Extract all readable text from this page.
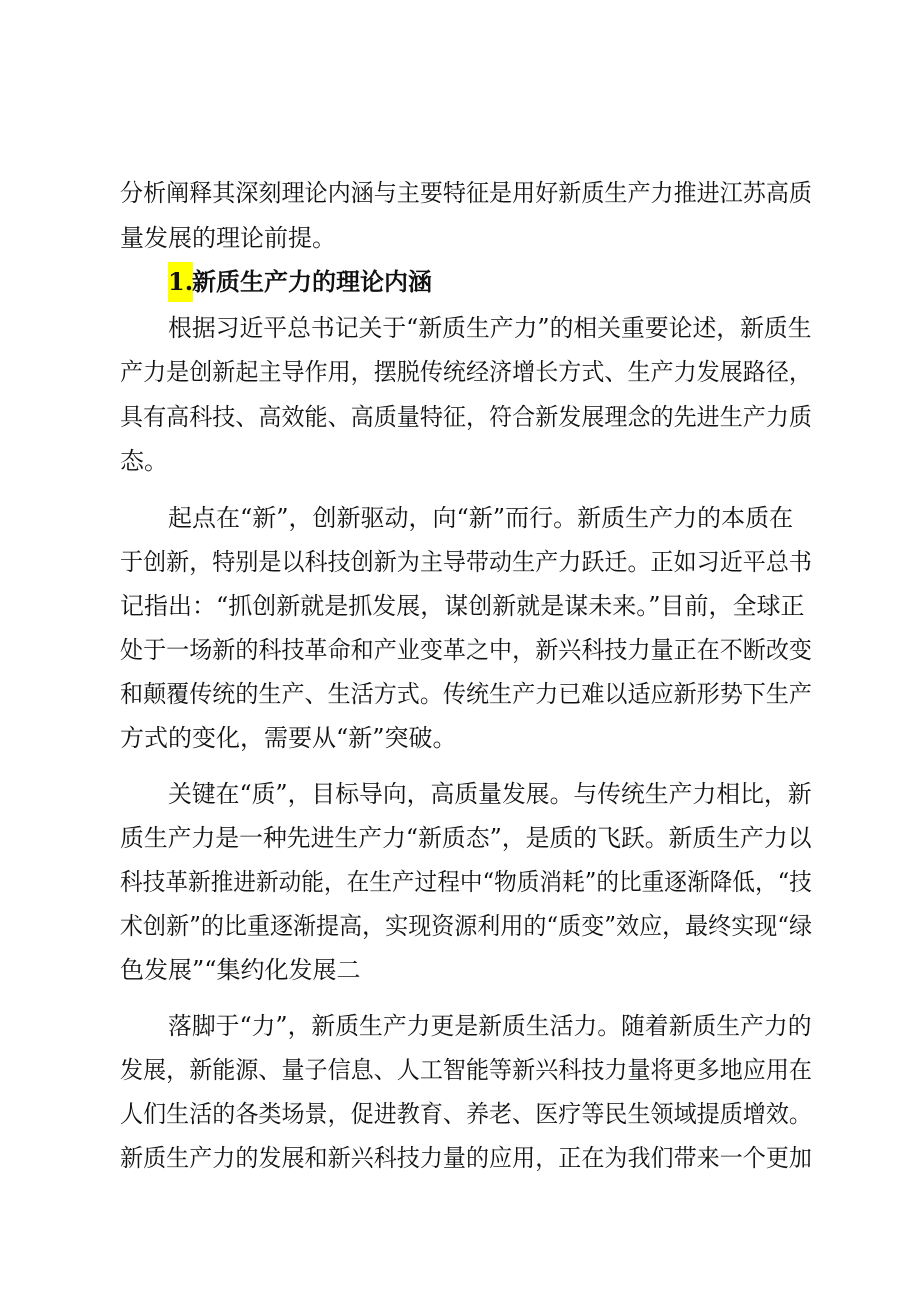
分析阐释其深刻理论内涵与主要特征是用好新质生产力推进江苏高质
量发展的理论前提。
1.
新质生产力的理论内涵
根据习近平总书记关于“新质生产力”的相关重要论述，新质生
产力是创新起主导作用，摆脱传统经济增长方式、生产力发展路径，
具有高科技、高效能、高质量特征，符合新发展理念的先进生产力质
态。
起点在“新”，创新驱动，向“新”而行。新质生产力的本质在
于创新，特别是以科技创新为主导带动生产力跃迁。正如习近平总书
记指出：“抓创新就是抓发展，谋创新就是谋未来。”目前，全球正
处于一场新的科技革命和产业变革之中，新兴科技力量正在不断改变
和颠覆传统的生产、生活方式。传统生产力已难以适应新形势下生产
方式的变化，需要从“新”突破。
关键在“质”，目标导向，高质量发展。与传统生产力相比，新
质生产力是一种先进生产力“新质态”，是质的飞跃。新质生产力以
科技革新推进新动能，在生产过程中“物质消耗”的比重逐渐降低，“技
术创新”的比重逐渐提高，实现资源利用的“质变”效应，最终实现“绿
色发展”“集约化发展二
落脚于“力”，新质生产力更是新质生活力。随着新质生产力的
发展，新能源、量子信息、人工智能等新兴科技力量将更多地应用在
人们生活的各类场景，促进教育、养老、医疗等民生领域提质增效。
新质生产力的发展和新兴科技力量的应用，正在为我们带来一个更加
